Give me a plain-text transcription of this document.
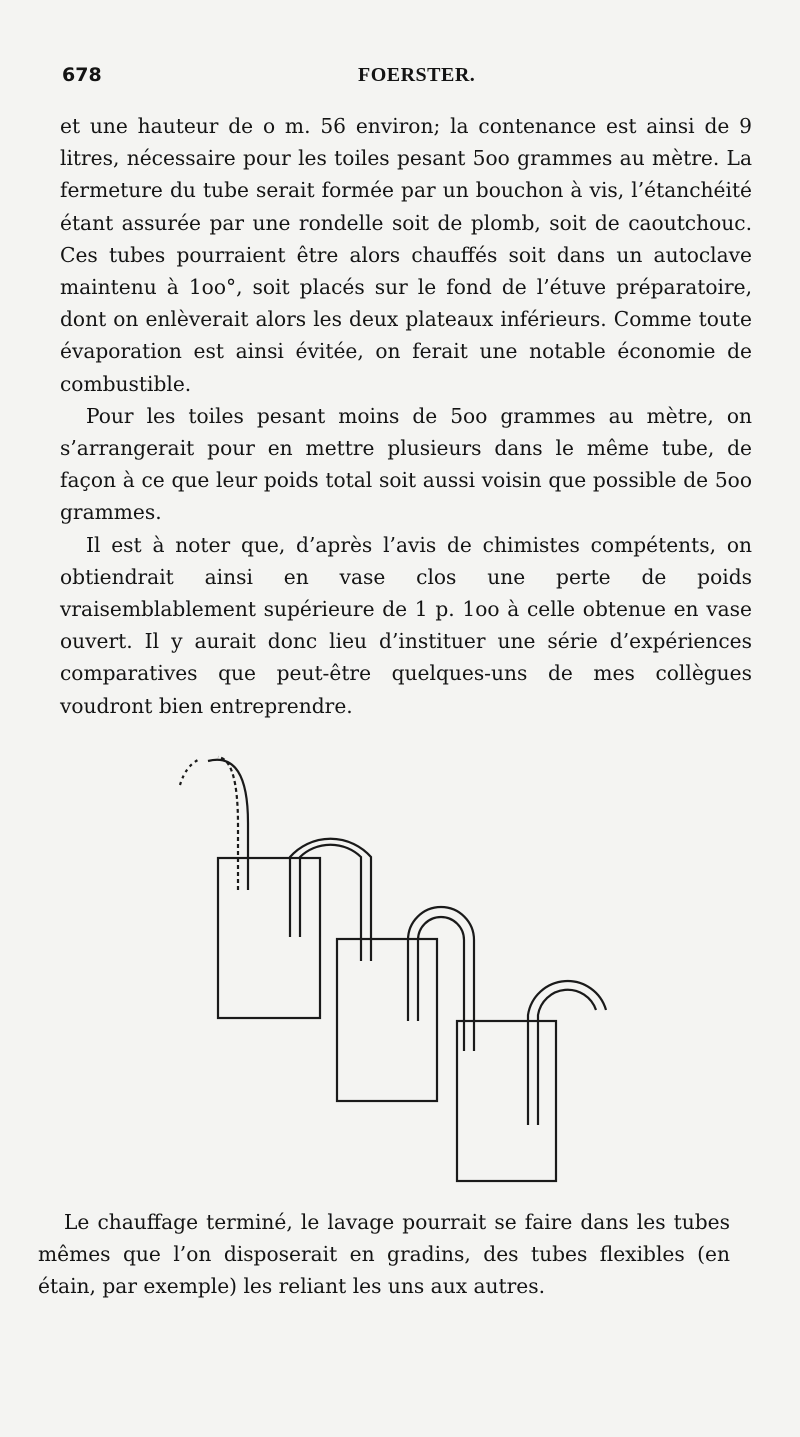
678	FOERSTER.

et une hauteur de o m. 56 environ; la contenance est ainsi de 9 litres, nécessaire pour les toiles pesant 5oo grammes au mètre. La fermeture du tube serait formée par un bouchon à vis, l’étanchéité étant assurée par une rondelle soit de plomb, soit de caoutchouc. Ces tubes pourraient être alors chauffés soit dans un autoclave maintenu à 1oo°, soit placés sur le fond de l’étuve préparatoire, dont on enlèverait alors les deux plateaux inférieurs. Comme toute évaporation est ainsi évitée, on ferait une notable économie de combustible.

Pour les toiles pesant moins de 5oo grammes au mètre, on s’arrangerait pour en mettre plusieurs dans le même tube, de façon à ce que leur poids total soit aussi voisin que possible de 5oo grammes.

Il est à noter que, d’après l’avis de chimistes compétents, on obtiendrait ainsi en vase clos une perte de poids vraisemblablement supérieure de 1 p. 1oo à celle obtenue en vase ouvert. Il y aurait donc lieu d’instituer une série d’expériences comparatives que peut-être quelques-uns de mes collègues voudront bien entreprendre.

Le chauffage terminé, le lavage pourrait se faire dans les tubes mêmes que l’on disposerait en gradins, des tubes flexibles (en étain, par exemple) les reliant les uns aux autres.
